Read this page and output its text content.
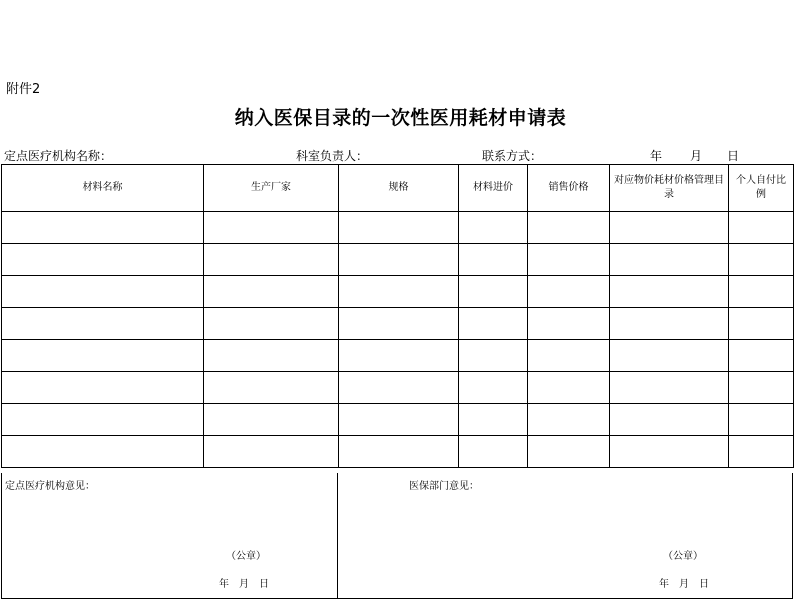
附件2
纳入医保目录的一次性医用耗材申请表
定点医疗机构名称：	科室负责人：	联系方式：	年 月 日
材料名称	生产厂家	规格	材料进价	销售价格	对应物价耗材价格管理目录	个人自付比例

定点医疗机构意见：
（公章）
年　月　日
医保部门意见：
（公章）
年　月　日
